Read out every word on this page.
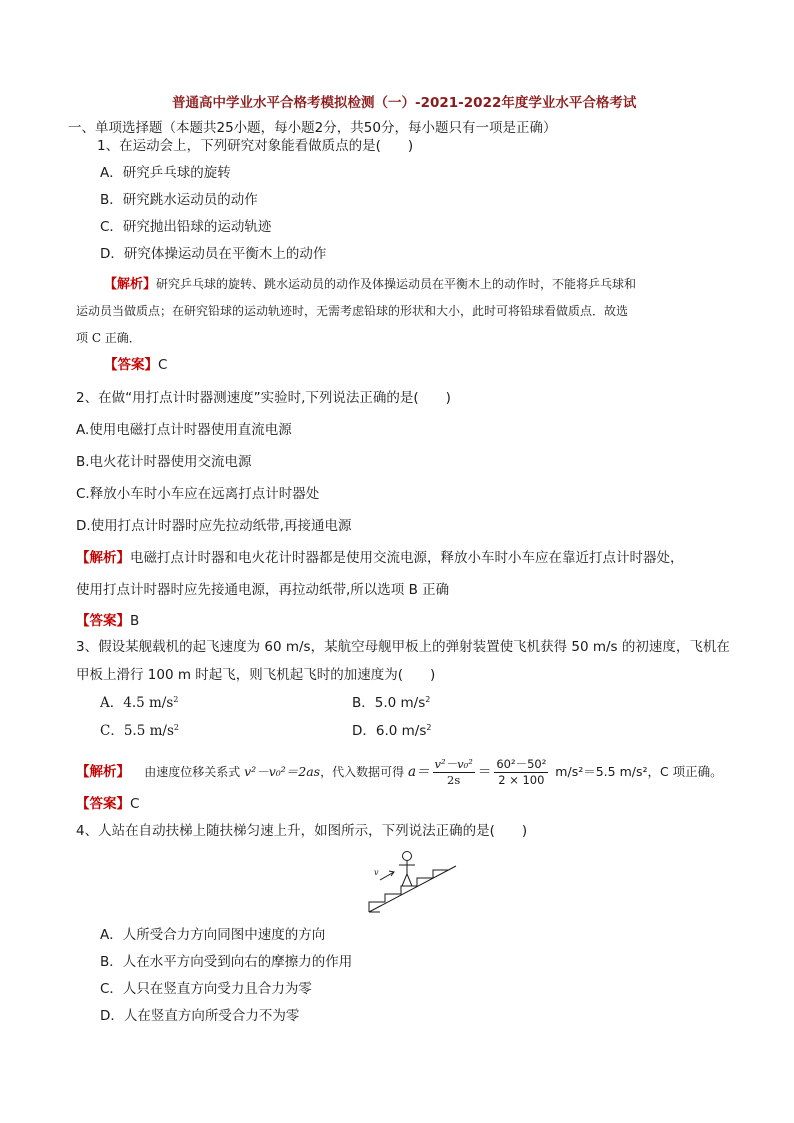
普通高中学业水平合格考模拟检测（一）-2021-2022年度学业水平合格考试
一、单项选择题（本题共25小题，每小题2分，共50分，每小题只有一项是正确）
1、在运动会上，下列研究对象能看做质点的是(　　)
A．研究乒乓球的旋转
B．研究跳水运动员的动作
C．研究抛出铅球的运动轨迹
D．研究体操运动员在平衡木上的动作
【解析】研究乒乓球的旋转、跳水运动员的动作及体操运动员在平衡木上的动作时，不能将乒乓球和
运动员当做质点；在研究铅球的运动轨迹时，无需考虑铅球的形状和大小，此时可将铅球看做质点．故选
项 C 正确．
【答案】C
2、在做“用打点计时器测速度”实验时,下列说法正确的是(　　)
A.使用电磁打点计时器使用直流电源
B.电火花计时器使用交流电源
C.释放小车时小车应在远离打点计时器处
D.使用打点计时器时应先拉动纸带,再接通电源
【解析】电磁打点计时器和电火花计时器都是使用交流电源，释放小车时小车应在靠近打点计时器处，
使用打点计时器时应先接通电源，再拉动纸带,所以选项 B 正确
【答案】B
3、假设某舰载机的起飞速度为 60 m/s，某航空母舰甲板上的弹射装置使飞机获得 50 m/s 的初速度，飞机在
甲板上滑行 100 m 时起飞，则飞机起飞时的加速度为(　　)
A．4.5 $m/s^2$	B．5.0 $m/s^2$
C．5.5 $m/s^2$	D．6.0 $m/s^2$
【解析】 由速度位移关系式 v²－v₀²＝2as，代入数据可得 $a= \frac{\text{v²－v₀²}}{2s} = \frac{\text{60²－50²}}{2 \times 100} m/s^2=5.5$ m/s²，C 项正确。
【答案】C
4、人站在自动扶梯上随扶梯匀速上升，如图所示，下列说法正确的是(　　)
v
A．人所受合力方向同图中速度的方向
B．人在水平方向受到向右的摩擦力的作用
C．人只在竖直方向受力且合力为零
D．人在竖直方向所受合力不为零
